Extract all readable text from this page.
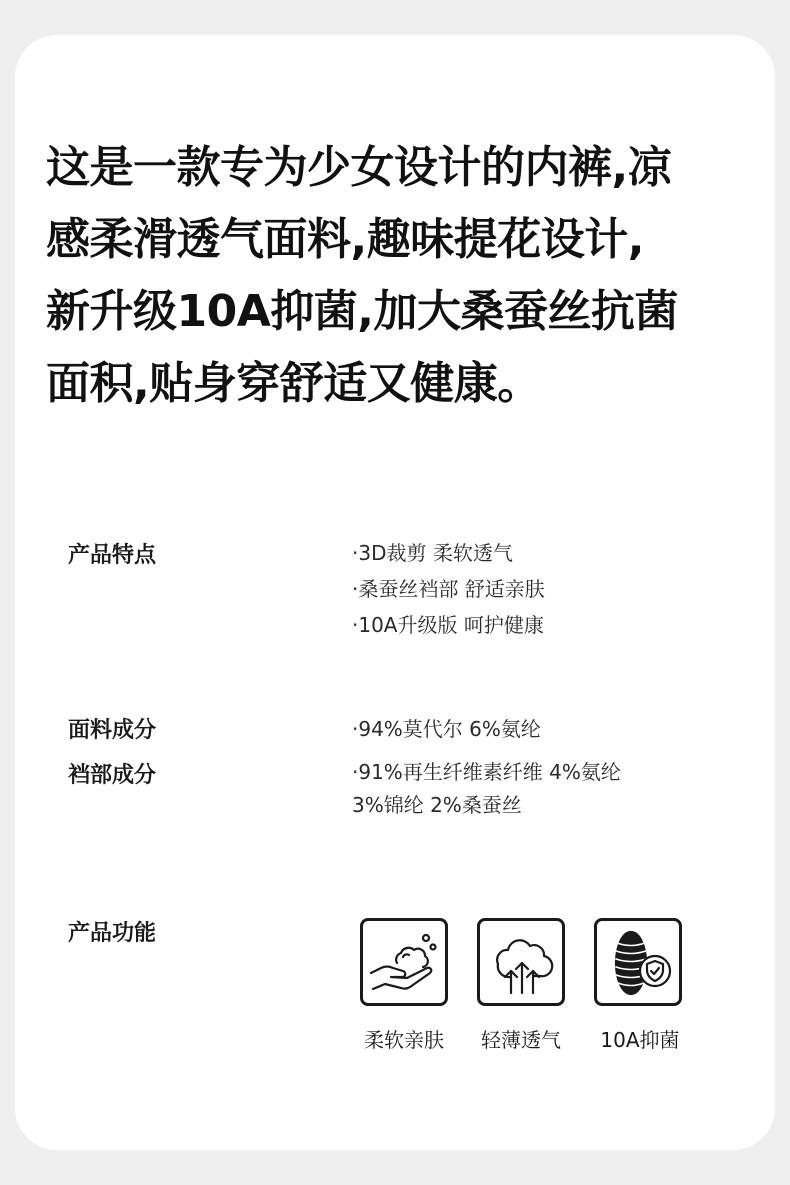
这是一款专为少女设计的内裤,凉
感柔滑透气面料,趣味提花设计,
新升级10A抑菌,加大桑蚕丝抗菌
面积,贴身穿舒适又健康。
产品特点	·3D裁剪 柔软透气
·桑蚕丝裆部 舒适亲肤
·10A升级版 呵护健康
面料成分	·94%莫代尔 6%氨纶
裆部成分	·91%再生纤维素纤维 4%氨纶
3%锦纶 2%桑蚕丝
产品功能
柔软亲肤	轻薄透气	10A抑菌
